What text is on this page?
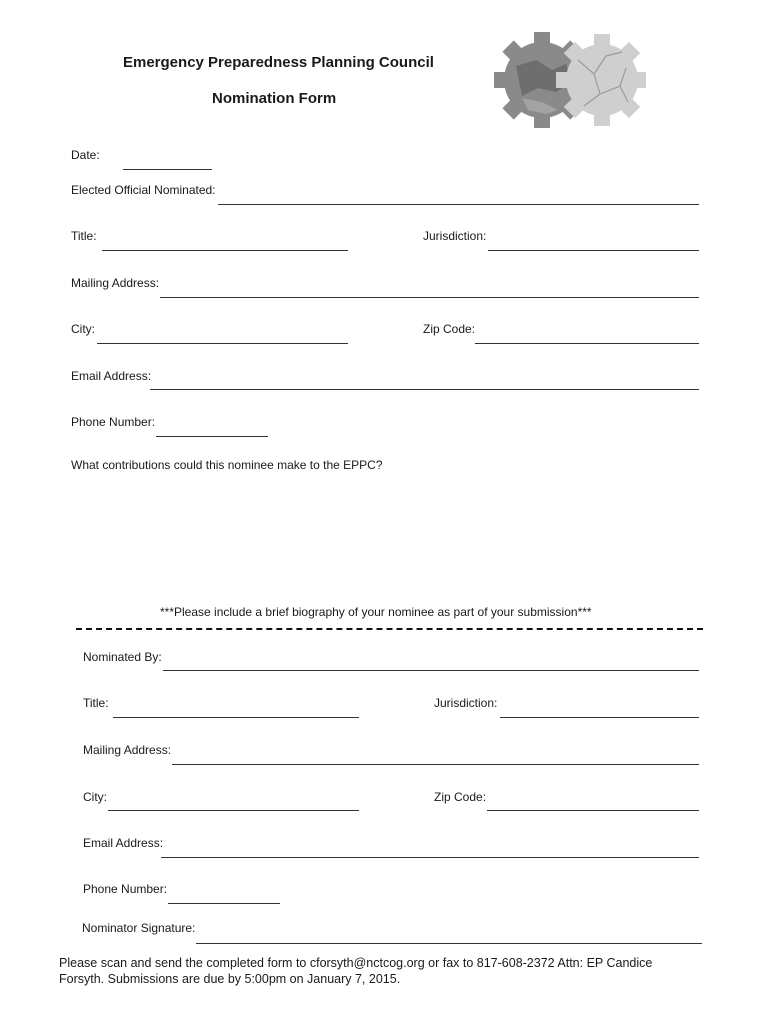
Emergency Preparedness Planning Council
Nomination Form
Date:
Elected Official Nominated:
Title:	Jurisdiction:
Mailing Address:
City:	Zip Code:
Email Address:
Phone Number:
What contributions could this nominee make to the EPPC?
***Please include a brief biography of your nominee as part of your submission***
Nominated By:
Title:	Jurisdiction:
Mailing Address:
City:	Zip Code:
Email Address:
Phone Number:
Nominator Signature:
Please scan and send the completed form to cforsyth@nctcog.org or fax to 817-608-2372 Attn: EP Candice
Forsyth. Submissions are due by 5:00pm on January 7, 2015.
